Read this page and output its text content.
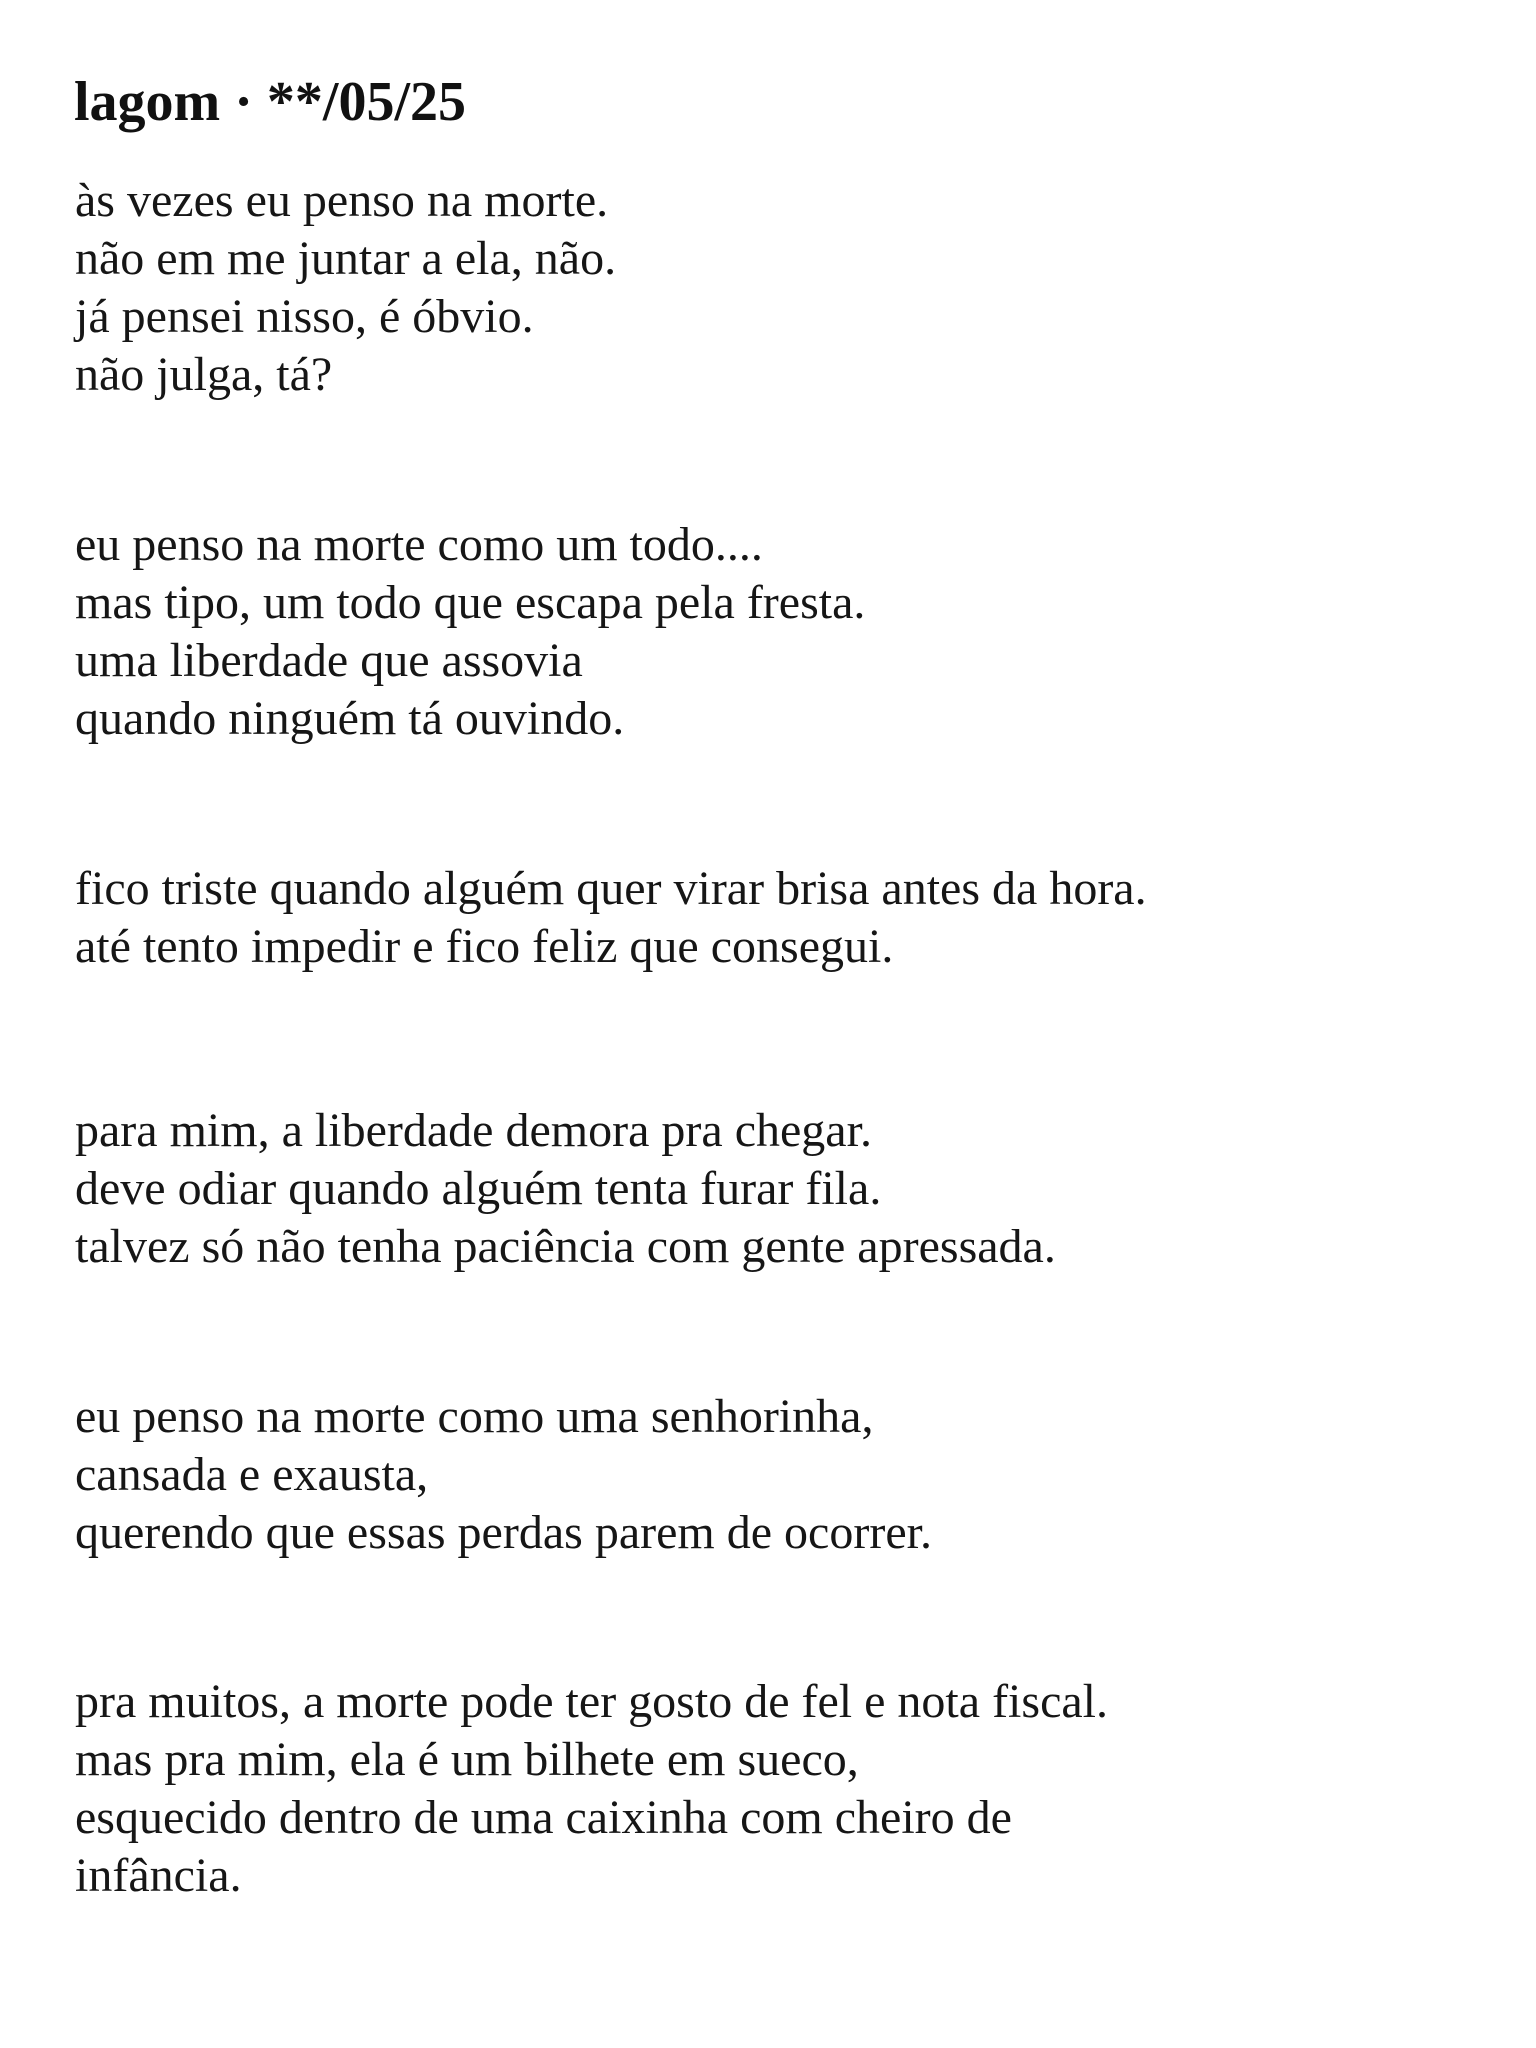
lagom · **/05/25
às vezes eu penso na morte.
não em me juntar a ela, não.
já pensei nisso, é óbvio.
não julga, tá?
eu penso na morte como um todo....
mas tipo, um todo que escapa pela fresta.
uma liberdade que assovia
quando ninguém tá ouvindo.
fico triste quando alguém quer virar brisa antes da hora.
até tento impedir e fico feliz que consegui.
para mim, a liberdade demora pra chegar.
deve odiar quando alguém tenta furar fila.
talvez só não tenha paciência com gente apressada.
eu penso na morte como uma senhorinha,
cansada e exausta,
querendo que essas perdas parem de ocorrer.
pra muitos, a morte pode ter gosto de fel e nota fiscal.
mas pra mim, ela é um bilhete em sueco,
esquecido dentro de uma caixinha com cheiro de
infância.
